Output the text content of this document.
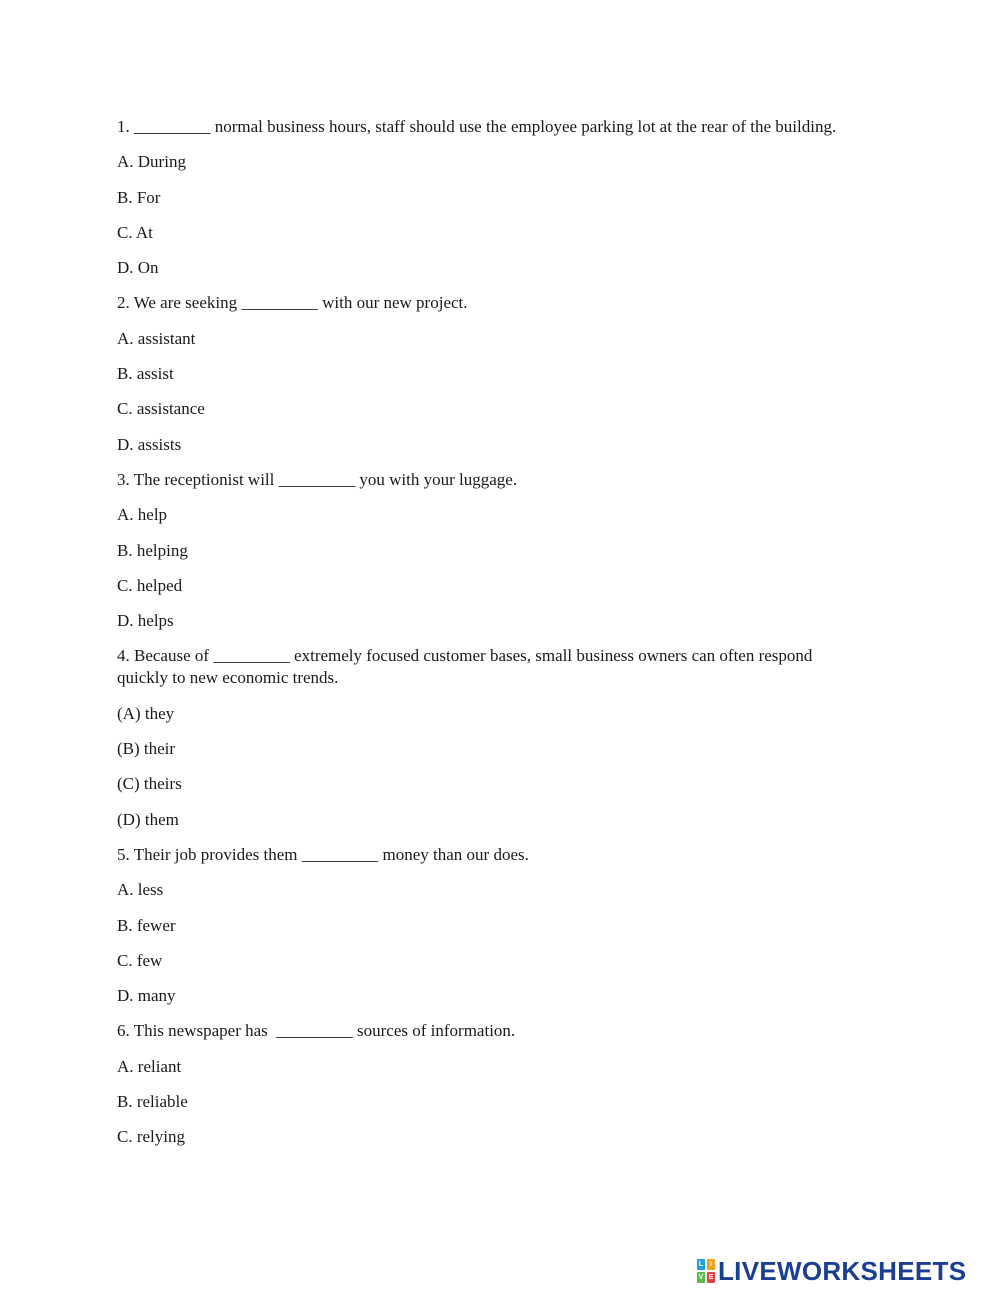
1. _________ normal business hours, staff should use the employee parking lot at the rear of the building.
A. During
B. For
C. At
D. On
2. We are seeking _________ with our new project.
A. assistant
B. assist
C. assistance
D. assists
3. The receptionist will _________ you with your luggage.
A. help
B. helping
C. helped
D. helps
4. Because of _________ extremely focused customer bases, small business owners can often respond quickly to new economic trends.
(A) they
(B) their
(C) theirs
(D) them
5. Their job provides them _________ money than our does.
A. less
B. fewer
C. few
D. many
6. This newspaper has  _________ sources of information.
A. reliant
B. reliable
C. relying
L I
V E LIVEWORKSHEETS
